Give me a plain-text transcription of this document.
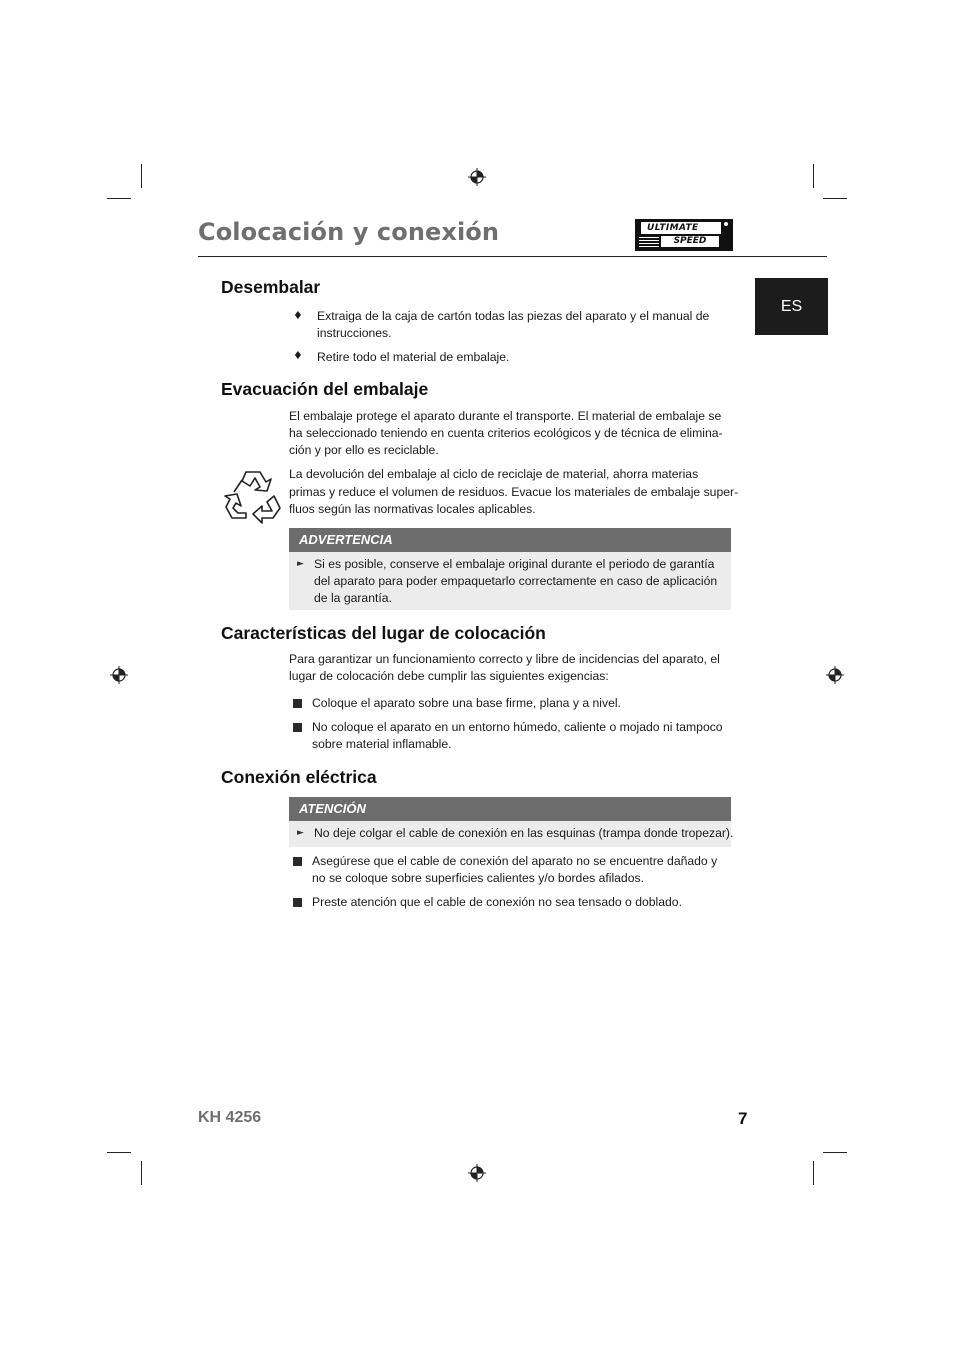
Colocación y conexión	ULTIMATE
SPEED
ES
Desembalar
♦ Extraiga de la caja de cartón todas las piezas del aparato y el manual de
instrucciones.
♦ Retire todo el material de embalaje.
Evacuación del embalaje
El embalaje protege el aparato durante el transporte. El material de embalaje se
ha seleccionado teniendo en cuenta criterios ecológicos y de técnica de elimina-
ción y por ello es reciclable.
La devolución del embalaje al ciclo de reciclaje de material, ahorra materias
primas y reduce el volumen de residuos. Evacue los materiales de embalaje super-
fluos según las normativas locales aplicables.
ADVERTENCIA
► Si es posible, conserve el embalaje original durante el periodo de garantía
del aparato para poder empaquetarlo correctamente en caso de aplicación
de la garantía.
Características del lugar de colocación
Para garantizar un funcionamiento correcto y libre de incidencias del aparato, el
lugar de colocación debe cumplir las siguientes exigencias:
Coloque el aparato sobre una base firme, plana y a nivel.
No coloque el aparato en un entorno húmedo, caliente o mojado ni tampoco
sobre material inflamable.
Conexión eléctrica
ATENCIÓN
► No deje colgar el cable de conexión en las esquinas (trampa donde tropezar).
Asegúrese que el cable de conexión del aparato no se encuentre dañado y
no se coloque sobre superficies calientes y/o bordes afilados.
Preste atención que el cable de conexión no sea tensado o doblado.
KH 4256	7
